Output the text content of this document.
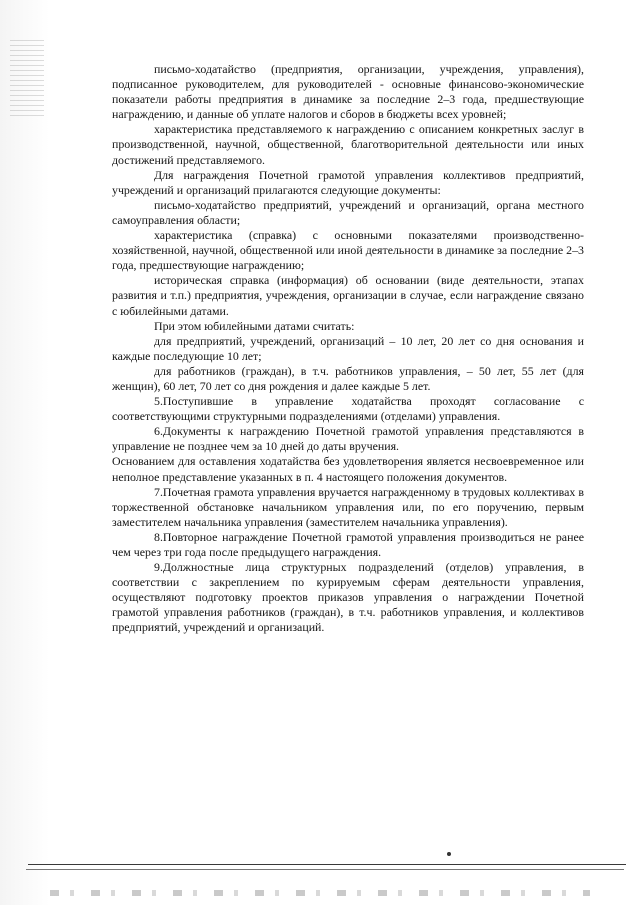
письмо-ходатайство (предприятия, организации, учреждения, управления), подписанное руководителем, для руководителей - основные финансово-экономические показатели работы предприятия в динамике за последние 2–3 года, предшествующие награждению, и данные об уплате налогов и сборов в бюджеты всех уровней;

характеристика представляемого к награждению с описанием конкретных заслуг в производственной, научной, общественной, благотворительной деятельности или иных достижений представляемого.

Для награждения Почетной грамотой управления коллективов предприятий, учреждений и организаций прилагаются следующие документы:

письмо-ходатайство предприятий, учреждений и организаций, органа местного самоуправления области;

характеристика (справка) с основными показателями производственно-хозяйственной, научной, общественной или иной деятельности в динамике за последние 2–3 года, предшествующие награждению;

историческая справка (информация) об основании (виде деятельности, этапах развития и т.п.) предприятия, учреждения, организации в случае, если награждение связано с юбилейными датами.

При этом юбилейными датами считать:

для предприятий, учреждений, организаций – 10 лет, 20 лет со дня основания и каждые последующие 10 лет;

для работников (граждан), в т.ч. работников управления, – 50 лет, 55 лет (для женщин), 60 лет, 70 лет со дня рождения и далее каждые 5 лет.

5.Поступившие в управление ходатайства проходят согласование с соответствующими структурными подразделениями (отделами) управления.

6.Документы к награждению Почетной грамотой управления представляются в управление не позднее чем за 10 дней до даты вручения.

Основанием для оставления ходатайства без удовлетворения является несвоевременное или неполное представление указанных в п. 4 настоящего положения документов.

7.Почетная грамота управления вручается награжденному в трудовых коллективах в торжественной обстановке начальником управления или, по его поручению, первым заместителем начальника управления (заместителем начальника управления).

8.Повторное награждение Почетной грамотой управления производиться не ранее чем через три года после предыдущего награждения.

9.Должностные лица структурных подразделений (отделов) управления, в соответствии с закреплением по курируемым сферам деятельности управления, осуществляют подготовку проектов приказов управления о награждении Почетной грамотой управления работников (граждан), в т.ч. работников управления, и коллективов предприятий, учреждений и организаций.
